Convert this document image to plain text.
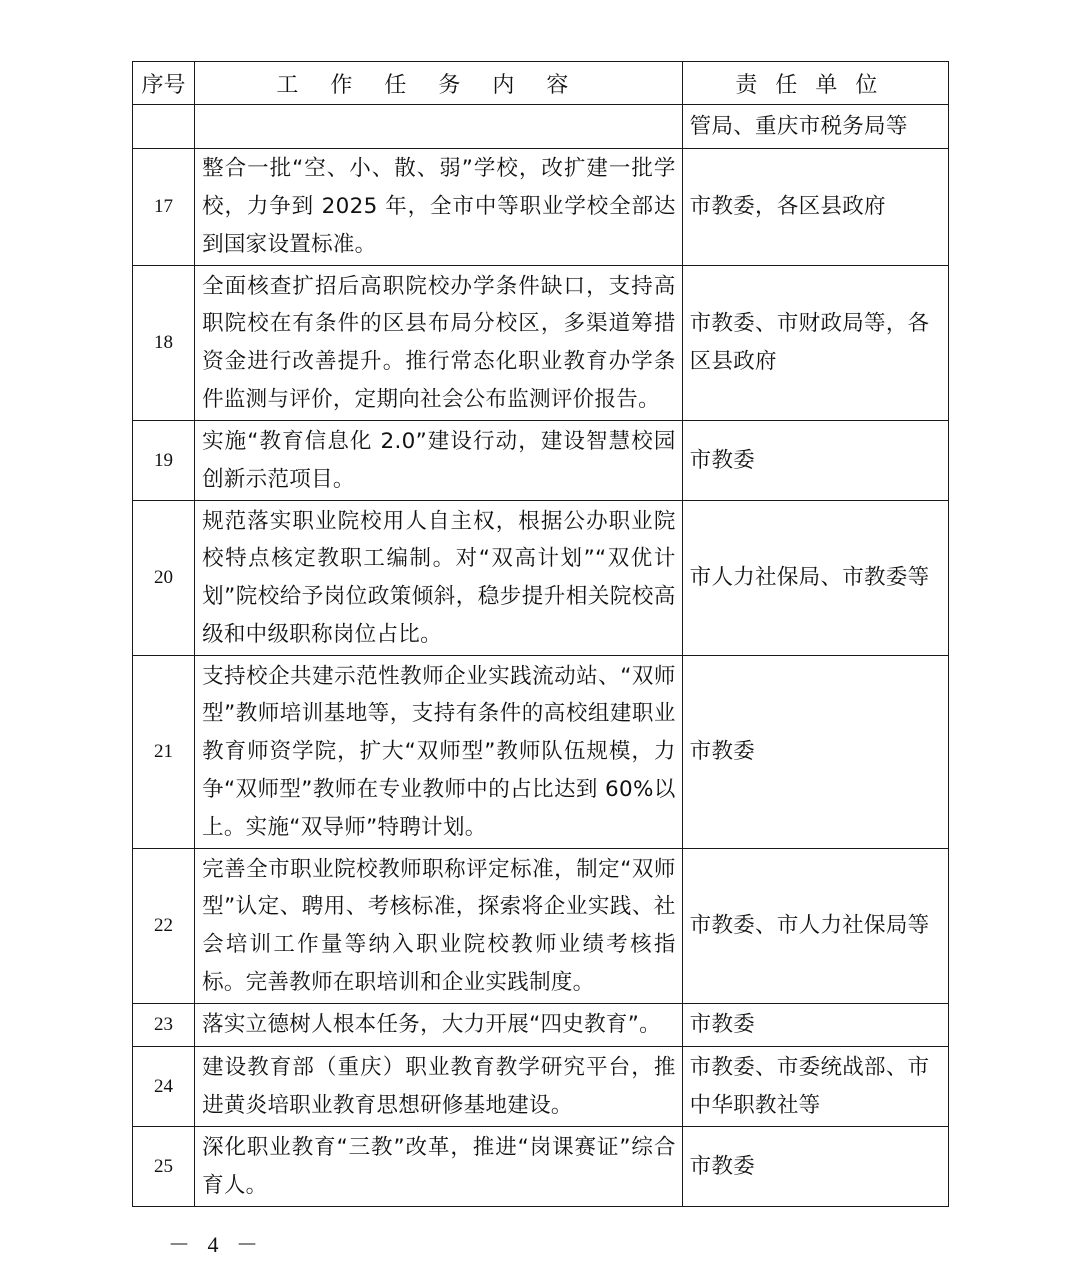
序号	工作任务内容	责任单位
		管局、重庆市税务局等
17	整合一批“空、小、散、弱”学校，改扩建一批学校，力争到 2025 年，全市中等职业学校全部达到国家设置标准。	市教委，各区县政府
18	全面核查扩招后高职院校办学条件缺口，支持高职院校在有条件的区县布局分校区，多渠道筹措资金进行改善提升。推行常态化职业教育办学条件监测与评价，定期向社会公布监测评价报告。	市教委、市财政局等，各区县政府
19	实施“教育信息化 2.0”建设行动，建设智慧校园创新示范项目。	市教委
20	规范落实职业院校用人自主权，根据公办职业院校特点核定教职工编制。对“双高计划”“双优计划”院校给予岗位政策倾斜，稳步提升相关院校高级和中级职称岗位占比。	市人力社保局、市教委等
21	支持校企共建示范性教师企业实践流动站、“双师型”教师培训基地等，支持有条件的高校组建职业教育师资学院，扩大“双师型”教师队伍规模，力争“双师型”教师在专业教师中的占比达到 60%以上。实施“双导师”特聘计划。	市教委
22	完善全市职业院校教师职称评定标准，制定“双师型”认定、聘用、考核标准，探索将企业实践、社会培训工作量等纳入职业院校教师业绩考核指标。完善教师在职培训和企业实践制度。	市教委、市人力社保局等
23	落实立德树人根本任务，大力开展“四史教育”。	市教委
24	建设教育部（重庆）职业教育教学研究平台，推进黄炎培职业教育思想研修基地建设。	市教委、市委统战部、市中华职教社等
25	深化职业教育“三教”改革，推进“岗课赛证”综合育人。	市教委
－ 4 －
